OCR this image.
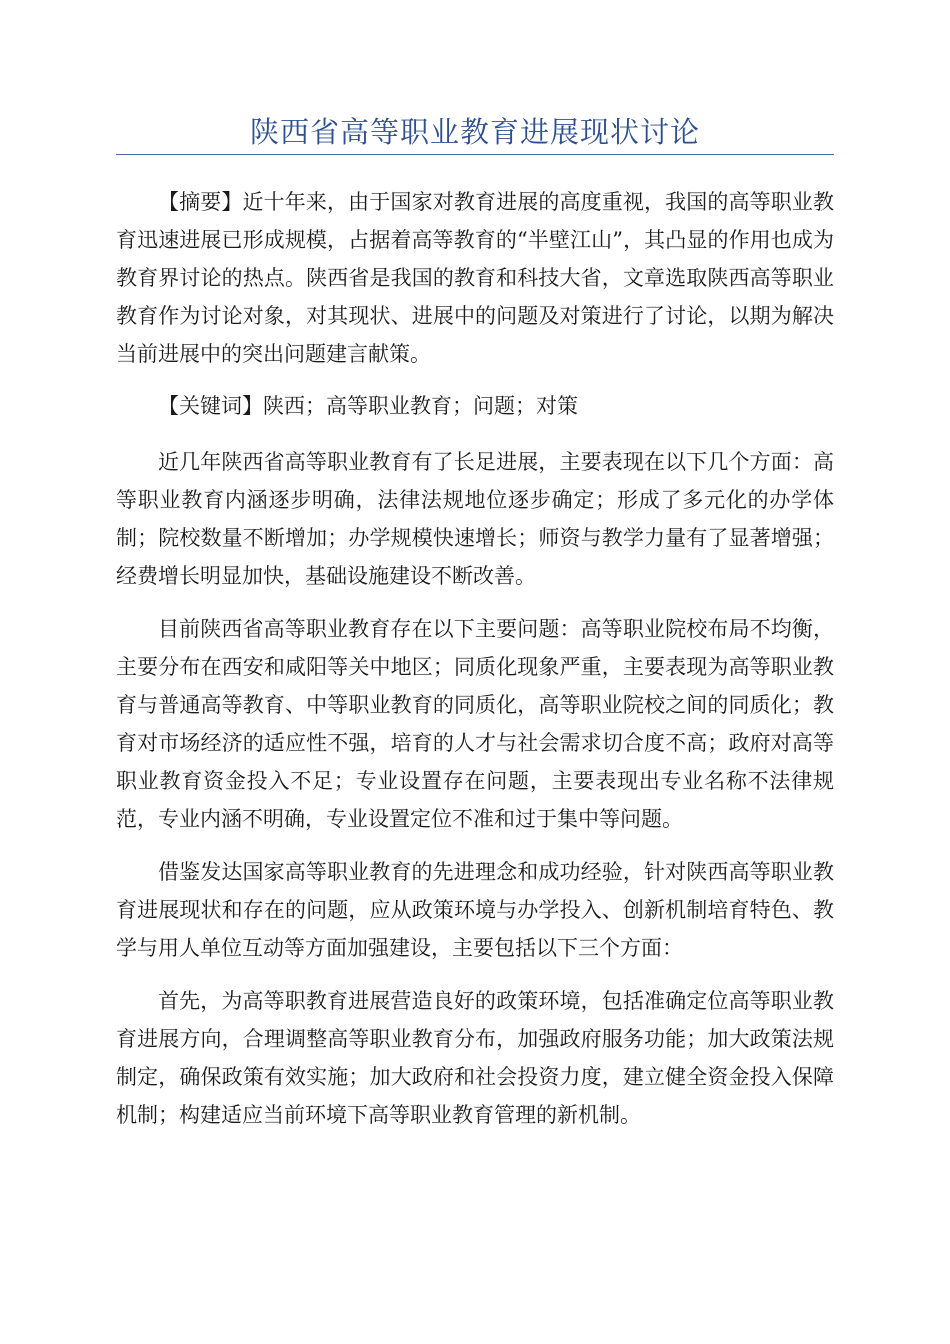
陕西省高等职业教育进展现状讨论

【摘要】近十年来，由于国家对教育进展的高度重视，我国的高等职业教育迅速进展已形成规模，占据着高等教育的“半壁江山”，其凸显的作用也成为教育界讨论的热点。陕西省是我国的教育和科技大省，文章选取陕西高等职业教育作为讨论对象，对其现状、进展中的问题及对策进行了讨论，以期为解决当前进展中的突出问题建言献策。

【关键词】陕西；高等职业教育；问题；对策

近几年陕西省高等职业教育有了长足进展，主要表现在以下几个方面：高等职业教育内涵逐步明确，法律法规地位逐步确定；形成了多元化的办学体制；院校数量不断增加；办学规模快速增长；师资与教学力量有了显著增强；经费增长明显加快，基础设施建设不断改善。

目前陕西省高等职业教育存在以下主要问题：高等职业院校布局不均衡，主要分布在西安和咸阳等关中地区；同质化现象严重，主要表现为高等职业教育与普通高等教育、中等职业教育的同质化，高等职业院校之间的同质化；教育对市场经济的适应性不强，培育的人才与社会需求切合度不高；政府对高等职业教育资金投入不足；专业设置存在问题，主要表现出专业名称不法律规范，专业内涵不明确，专业设置定位不准和过于集中等问题。

借鉴发达国家高等职业教育的先进理念和成功经验，针对陕西高等职业教育进展现状和存在的问题，应从政策环境与办学投入、创新机制培育特色、教学与用人单位互动等方面加强建设，主要包括以下三个方面：

首先，为高等职教育进展营造良好的政策环境，包括准确定位高等职业教育进展方向，合理调整高等职业教育分布，加强政府服务功能；加大政策法规制定，确保政策有效实施；加大政府和社会投资力度，建立健全资金投入保障机制；构建适应当前环境下高等职业教育管理的新机制。
